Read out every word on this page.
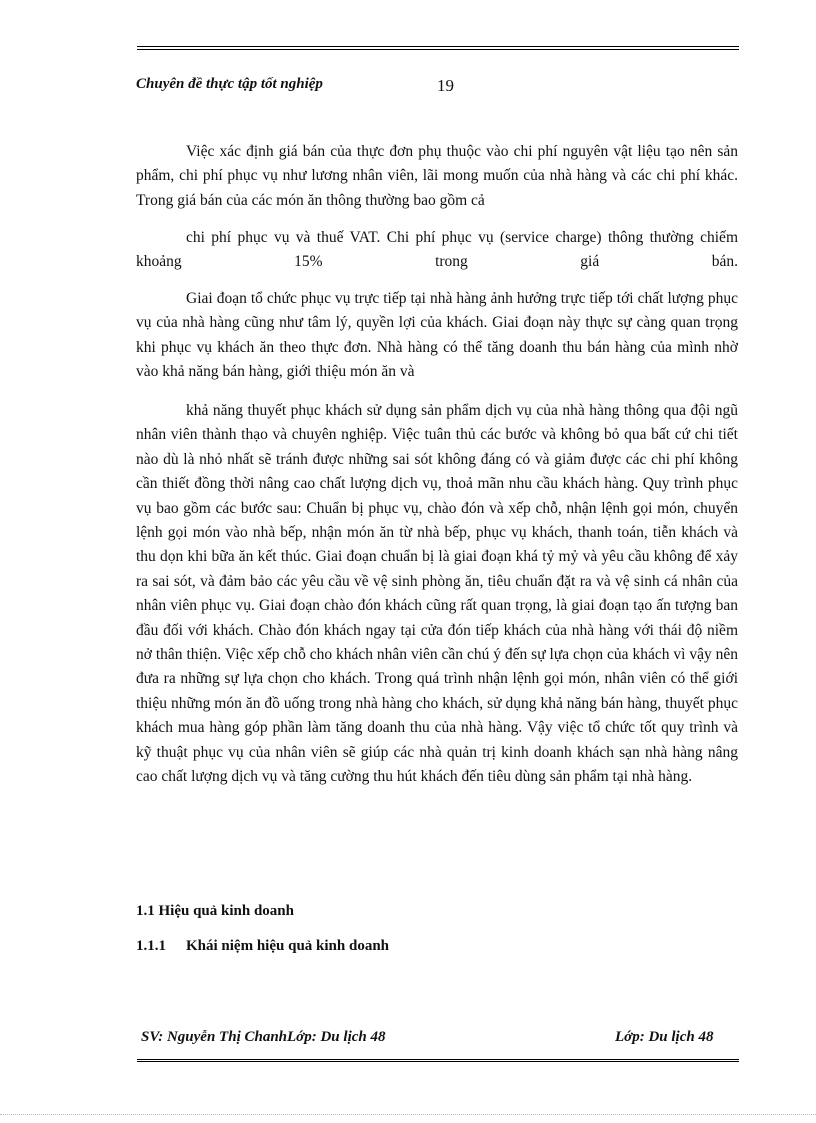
Chuyên đề thực tập tốt nghiệp	19

Việc xác định giá bán của thực đơn phụ thuộc vào chi phí nguyên vật liệu tạo nên sản phẩm, chi phí phục vụ như lương nhân viên, lãi mong muốn của nhà hàng và các chi phí khác. Trong giá bán của các món ăn thông thường bao gồm cả

chi phí phục vụ và thuế VAT. Chi phí phục vụ (service charge) thông thường chiếm khoảng 15% trong giá bán.

Giai đoạn tổ chức phục vụ trực tiếp tại nhà hàng ảnh hưởng trực tiếp tới chất lượng phục vụ của nhà hàng cũng như tâm lý, quyền lợi của khách. Giai đoạn này thực sự càng quan trọng khi phục vụ khách ăn theo thực đơn. Nhà hàng có thể tăng doanh thu bán hàng của mình nhờ vào khả năng bán hàng, giới thiệu món ăn và

khả năng thuyết phục khách sử dụng sản phẩm dịch vụ của nhà hàng thông qua đội ngũ nhân viên thành thạo và chuyên nghiệp. Việc tuân thủ các bước và không bỏ qua bất cứ chi tiết nào dù là nhỏ nhất sẽ tránh được những sai sót không đáng có và giảm được các chi phí không cần thiết đồng thời nâng cao chất lượng dịch vụ, thoả mãn nhu cầu khách hàng. Quy trình phục vụ bao gồm các bước sau: Chuẩn bị phục vụ, chào đón và xếp chỗ, nhận lệnh gọi món, chuyển lệnh gọi món vào nhà bếp, nhận món ăn từ nhà bếp, phục vụ khách, thanh toán, tiễn khách và thu dọn khi bữa ăn kết thúc. Giai đoạn chuẩn bị là giai đoạn khá tỷ mỷ và yêu cầu không để xảy ra sai sót, và đảm bảo các yêu cầu về vệ sinh phòng ăn, tiêu chuẩn đặt ra và vệ sinh cá nhân của nhân viên phục vụ. Giai đoạn chào đón khách cũng rất quan trọng, là giai đoạn tạo ấn tượng ban đầu đối với khách. Chào đón khách ngay tại cửa đón tiếp khách của nhà hàng với thái độ niềm nở thân thiện. Việc xếp chỗ cho khách nhân viên cần chú ý đến sự lựa chọn của khách vì vậy nên đưa ra những sự lựa chọn cho khách. Trong quá trình nhận lệnh gọi món, nhân viên có thể giới thiệu những món ăn đồ uống trong nhà hàng cho khách, sử dụng khả năng bán hàng, thuyết phục khách mua hàng góp phần làm tăng doanh thu của nhà hàng. Vậy việc tổ chức tốt quy trình và kỹ thuật phục vụ của nhân viên sẽ giúp các nhà quản trị kinh doanh khách sạn nhà hàng nâng cao chất lượng dịch vụ và tăng cường thu hút khách đến tiêu dùng sản phẩm tại nhà hàng.

1.1 Hiệu quả kinh doanh
1.1.1 Khái niệm hiệu quả kinh doanh
SV: Nguyễn Thị ChanhLớp: Du lịch 48	Lớp: Du lịch 48
